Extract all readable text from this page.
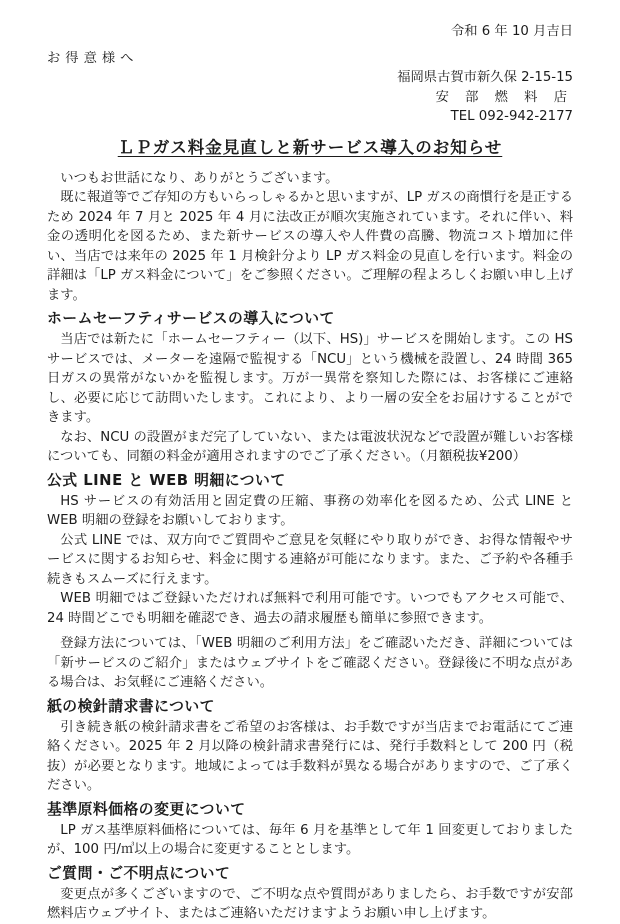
令和 6 年 10 月吉日
お得意様へ
福岡県古賀市新久保 2-15-15
安 部 燃 料 店
TEL 092-942-2177
ＬＰガス料金見直しと新サービス導入のお知らせ

いつもお世話になり、ありがとうございます。

既に報道等でご存知の方もいらっしゃるかと思いますが、LP ガスの商慣行を是正するため 2024 年 7 月と 2025 年 4 月に法改正が順次実施されています。それに伴い、料金の透明化を図るため、また新サービスの導入や人件費の高騰、物流コスト増加に伴い、当店では来年の 2025 年 1 月検針分より LP ガス料金の見直しを行います。料金の詳細は「LP ガス料金について」をご参照ください。ご理解の程よろしくお願い申し上げます。

ホームセーフティサービスの導入について

当店では新たに「ホームセーフティー（以下、HS)」サービスを開始します。この HS サービスでは、メーターを遠隔で監視する「NCU」という機械を設置し、24 時間 365 日ガスの異常がないかを監視します。万が一異常を察知した際には、お客様にご連絡し、必要に応じて訪問いたします。これにより、より一層の安全をお届けすることができます。

なお、NCU の設置がまだ完了していない、または電波状況などで設置が難しいお客様についても、同額の料金が適用されますのでご了承ください。（月額税抜¥200）

公式 LINE と WEB 明細について

HS サービスの有効活用と固定費の圧縮、事務の効率化を図るため、公式 LINE と WEB 明細の登録をお願いしております。

公式 LINE では、双方向でご質問やご意見を気軽にやり取りができ、お得な情報やサービスに関するお知らせ、料金に関する連絡が可能になります。また、ご予約や各種手続きもスムーズに行えます。

WEB 明細ではご登録いただければ無料で利用可能です。いつでもアクセス可能で、24 時間どこでも明細を確認でき、過去の請求履歴も簡単に参照できます。

登録方法については、「WEB 明細のご利用方法」をご確認いただき、詳細については「新サービスのご紹介」またはウェブサイトをご確認ください。登録後に不明な点がある場合は、お気軽にご連絡ください。

紙の検針請求書について

引き続き紙の検針請求書をご希望のお客様は、お手数ですが当店までお電話にてご連絡ください。2025 年 2 月以降の検針請求書発行には、発行手数料として 200 円（税抜）が必要となります。地域によっては手数料が異なる場合がありますので、ご了承ください。

基準原料価格の変更について

LP ガス基準原料価格については、毎年 6 月を基準として年 1 回変更しておりましたが、100 円/㎥以上の場合に変更することとします。

ご質問・ご不明点について

変更点が多くございますので、ご不明な点や質問がありましたら、お手数ですが安部燃料店ウェブサイト、またはご連絡いただけますようお願い申し上げます。
